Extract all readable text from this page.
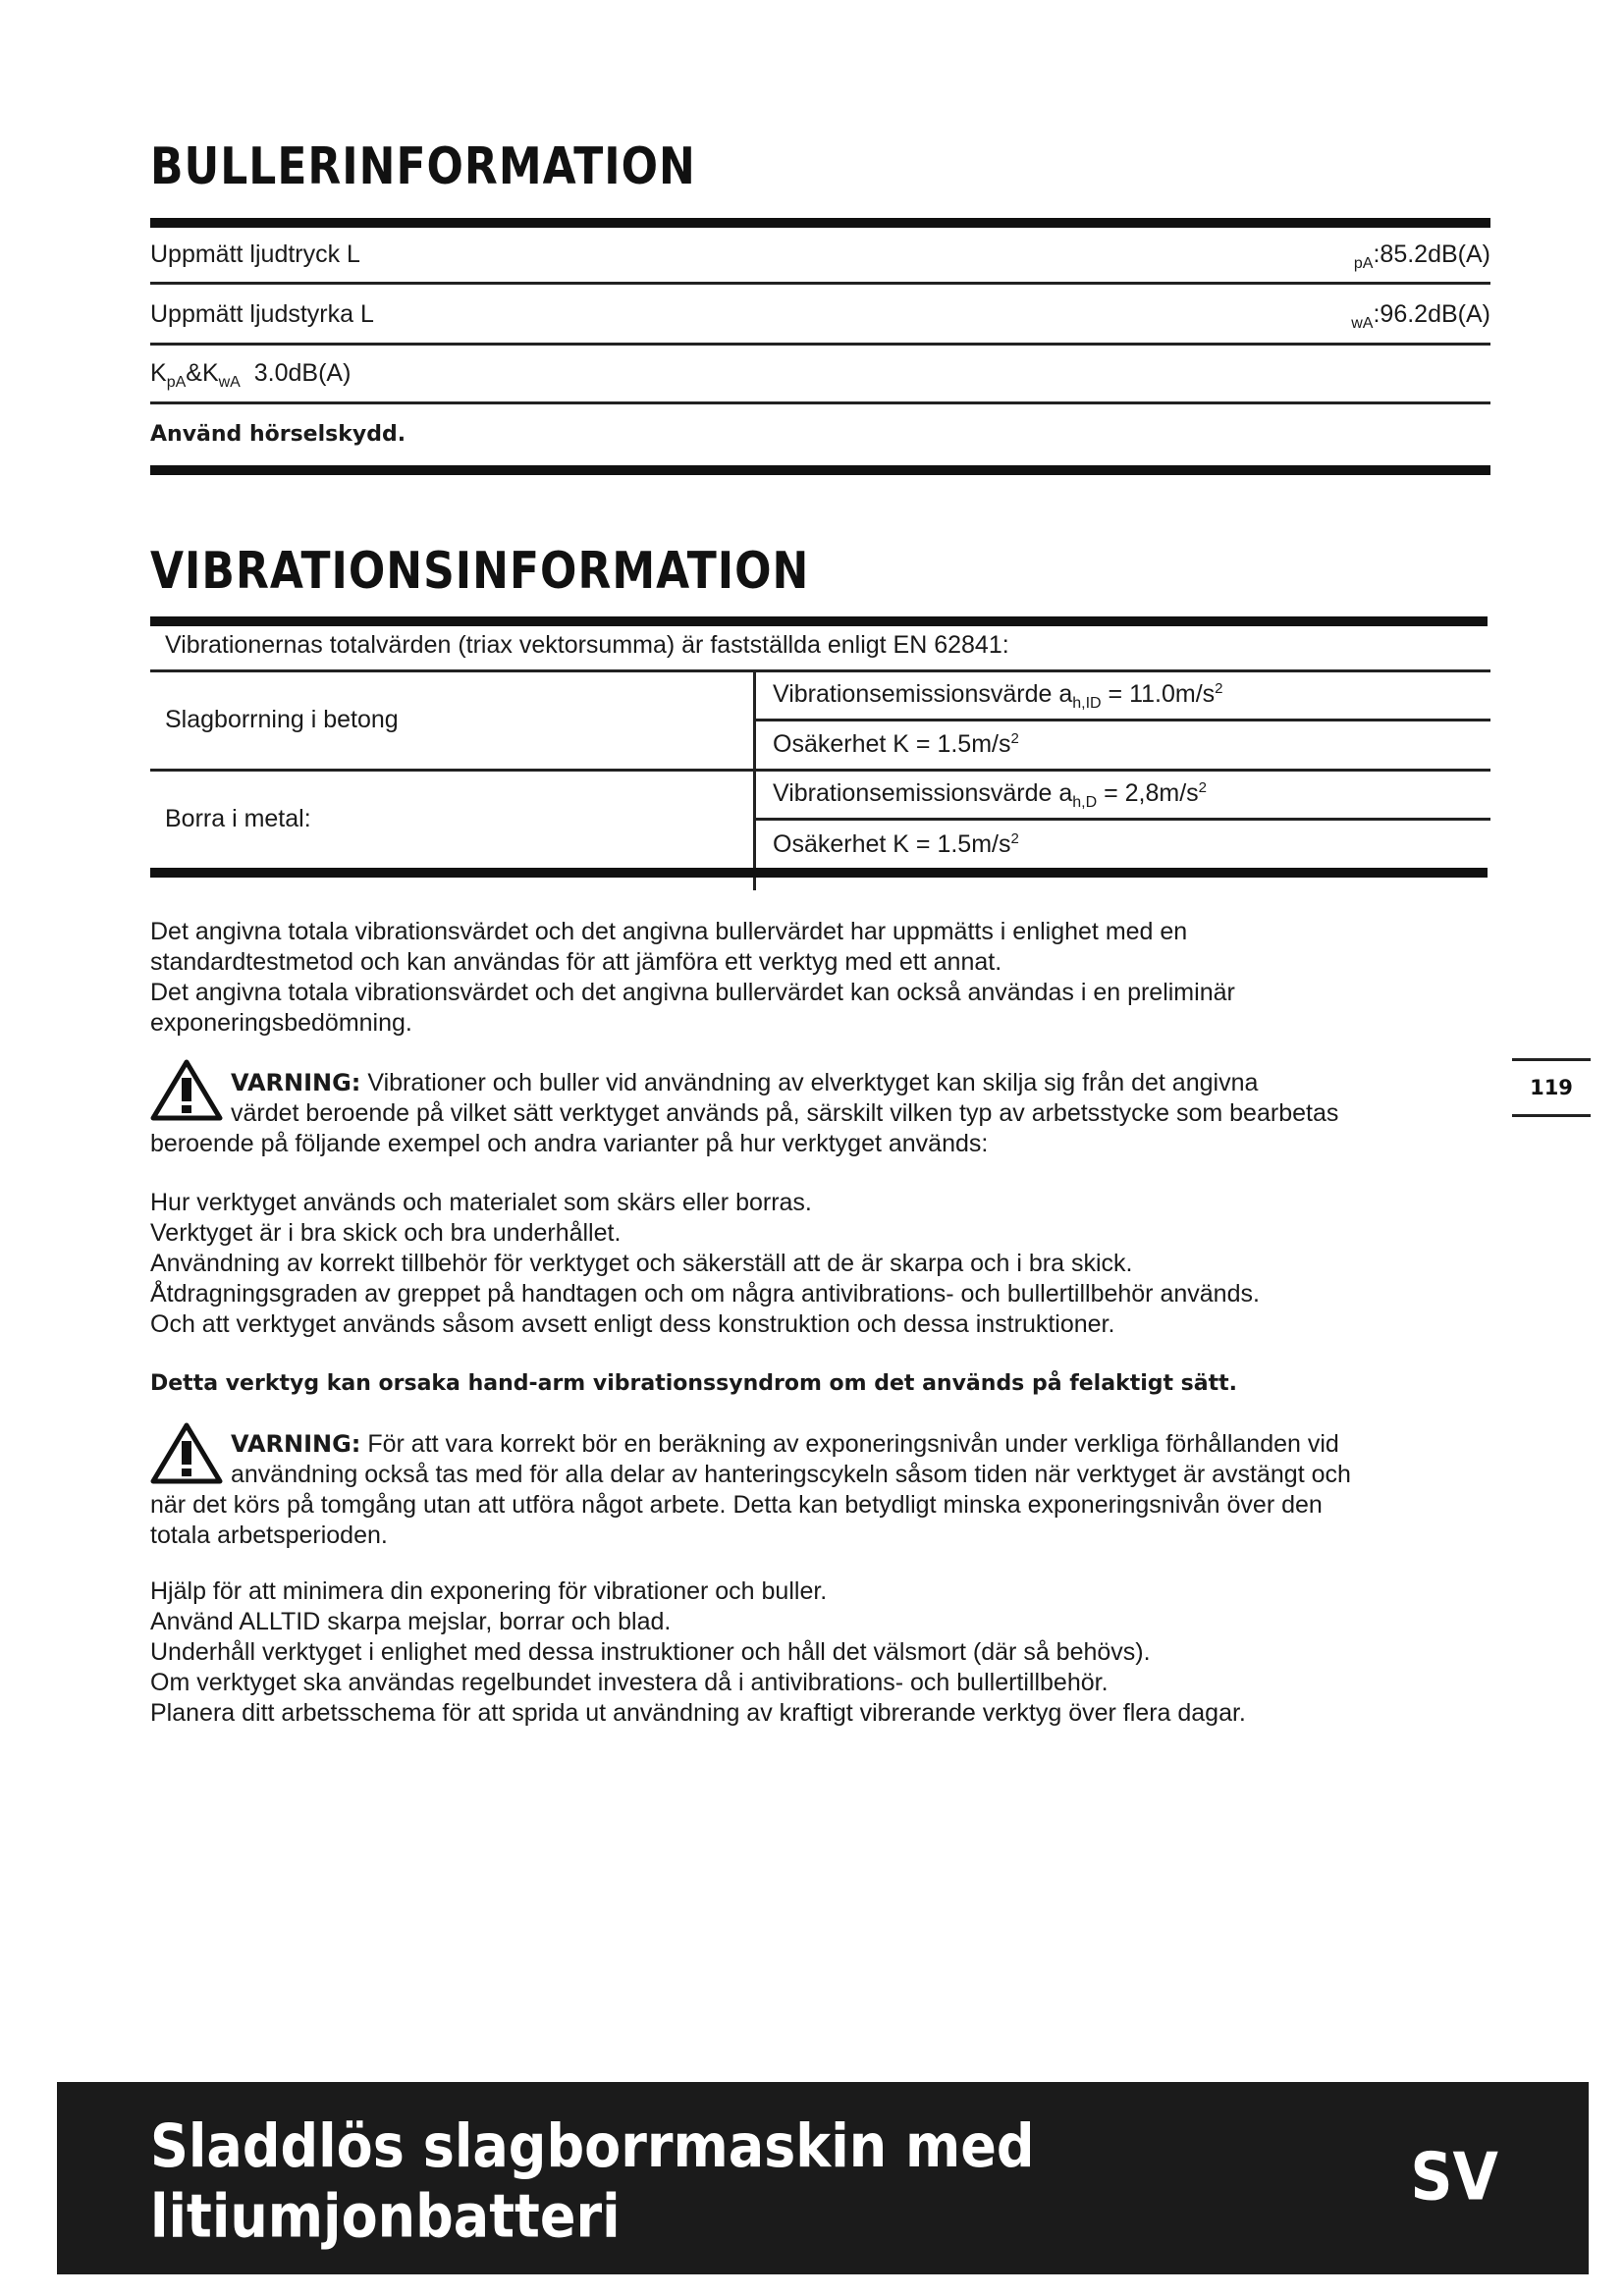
BULLERINFORMATION
Uppmätt ljudtryck L	$_{pA}$:85.2dB(A)
Uppmätt ljudstyrka L	$_{wA}$:96.2dB(A)
$K_{pA}\&K_{wA}$  3.0dB(A)
Använd hörselskydd.
VIBRATIONSINFORMATION
Vibrationernas totalvärden (triax vektorsumma) är fastställda enligt EN 62841:
Slagborrning i betong
Vibrationsemissionsvärde $a_{h,ID} = 11.0m/s^2$
Osäkerhet $K = 1.5m/s^2$
Borra i metal:
Vibrationsemissionsvärde $a_{h,D} = 2,8m/s^2$
Osäkerhet $K = 1.5m/s^2$
Det angivna totala vibrationsvärdet och det angivna bullervärdet har uppmätts i enlighet med en
standardtestmetod och kan användas för att jämföra ett verktyg med ett annat.
Det angivna totala vibrationsvärdet och det angivna bullervärdet kan också användas i en preliminär
exponeringsbedömning.
VARNING: Vibrationer och buller vid användning av elverktyget kan skilja sig från det angivna
värdet beroende på vilket sätt verktyget används på, särskilt vilken typ av arbetsstycke som bearbetas
beroende på följande exempel och andra varianter på hur verktyget används:
119
Hur verktyget används och materialet som skärs eller borras.
Verktyget är i bra skick och bra underhållet.
Användning av korrekt tillbehör för verktyget och säkerställ att de är skarpa och i bra skick.
Åtdragningsgraden av greppet på handtagen och om några antivibrations- och bullertillbehör används.
Och att verktyget används såsom avsett enligt dess konstruktion och dessa instruktioner.
Detta verktyg kan orsaka hand-arm vibrationssyndrom om det används på felaktigt sätt.
VARNING: För att vara korrekt bör en beräkning av exponeringsnivån under verkliga förhållanden vid
användning också tas med för alla delar av hanteringscykeln såsom tiden när verktyget är avstängt och
när det körs på tomgång utan att utföra något arbete. Detta kan betydligt minska exponeringsnivån över den
totala arbetsperioden.
Hjälp för att minimera din exponering för vibrationer och buller.
Använd ALLTID skarpa mejslar, borrar och blad.
Underhåll verktyget i enlighet med dessa instruktioner och håll det välsmort (där så behövs).
Om verktyget ska användas regelbundet investera då i antivibrations- och bullertillbehör.
Planera ditt arbetsschema för att sprida ut användning av kraftigt vibrerande verktyg över flera dagar.
Sladdlös slagborrmaskin med
litiumjonbatteri
SV
